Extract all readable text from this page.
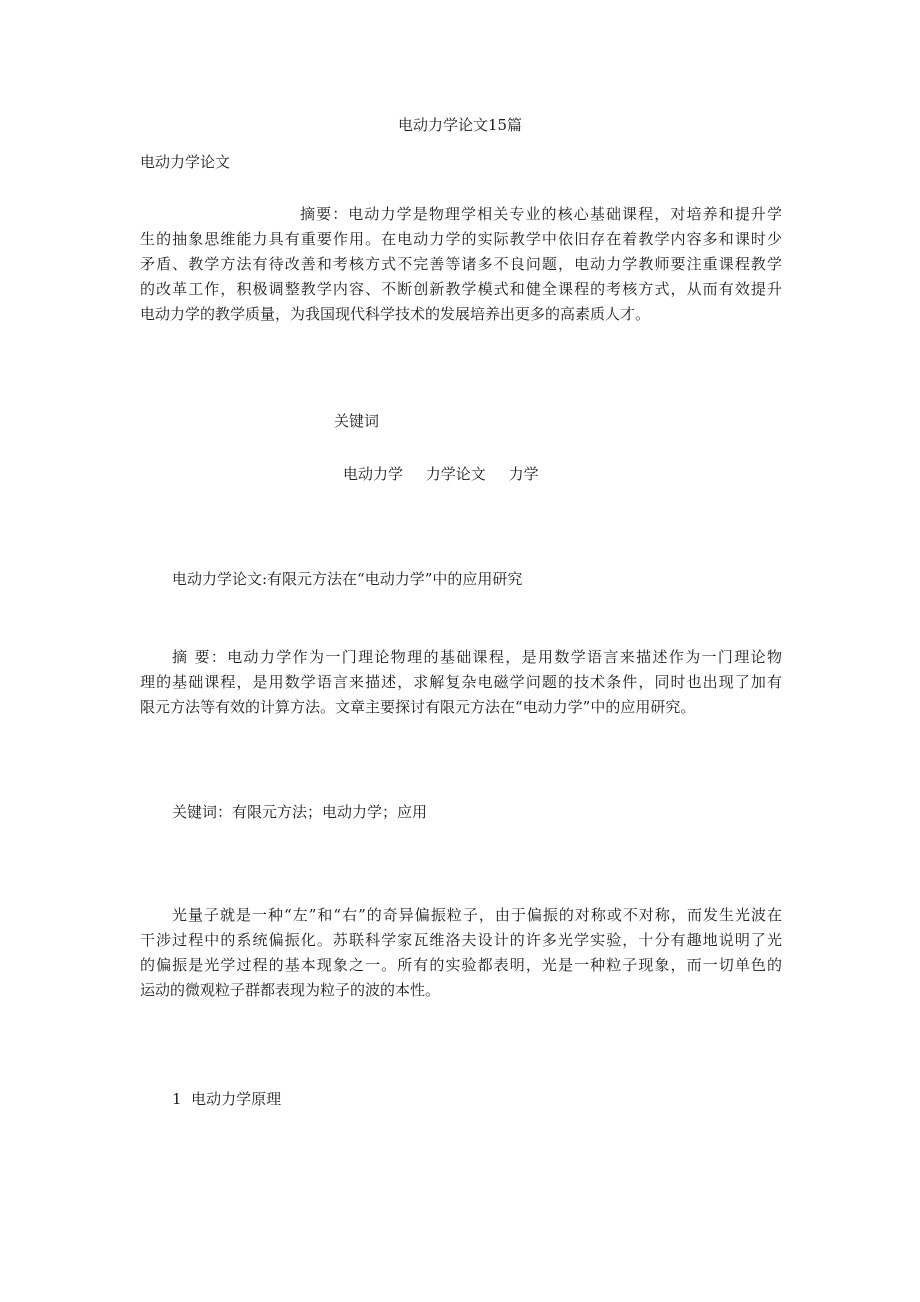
电动力学论文15篇
电动力学论文
摘要：电动力学是物理学相关专业的核心基础课程，对培养和提升学
生的抽象思维能力具有重要作用。在电动力学的实际教学中依旧存在着教学内容多和课时少
矛盾、教学方法有待改善和考核方式不完善等诸多不良问题，电动力学教师要注重课程教学
的改革工作，积极调整教学内容、不断创新教学模式和健全课程的考核方式，从而有效提升
电动力学的教学质量，为我国现代科学技术的发展培养出更多的高素质人才。
关键词
电动力学 力学论文 力学
电动力学论文:有限元方法在“电动力学”中的应用研究
摘 要：电动力学作为一门理论物理的基础课程，是用数学语言来描述作为一门理论物
理的基础课程，是用数学语言来描述，求解复杂电磁学问题的技术条件，同时也出现了加有
限元方法等有效的计算方法。文章主要探讨有限元方法在“电动力学”中的应用研究。
关键词：有限元方法；电动力学；应用
光量子就是一种“左”和“右”的奇异偏振粒子，由于偏振的对称或不对称，而发生光波在
干涉过程中的系统偏振化。苏联科学家瓦维洛夫设计的许多光学实验，十分有趣地说明了光
的偏振是光学过程的基本现象之一。所有的实验都表明，光是一种粒子现象，而一切单色的
运动的微观粒子群都表现为粒子的波的本性。
1  电动力学原理
